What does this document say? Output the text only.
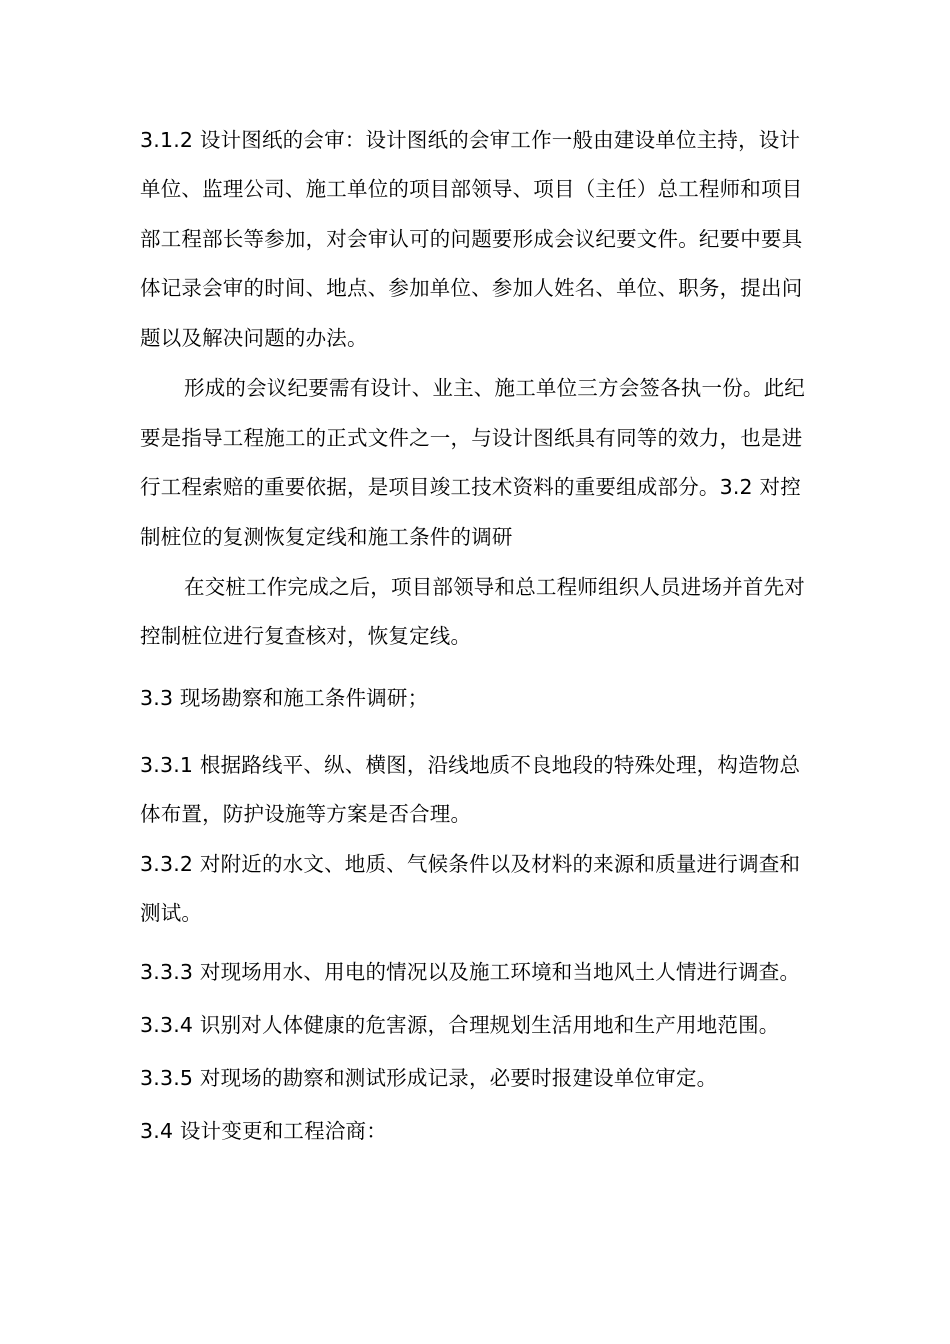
3.1.2 设计图纸的会审：设计图纸的会审工作一般由建设单位主持，设计
单位、监理公司、施工单位的项目部领导、项目（主任）总工程师和项目
部工程部长等参加，对会审认可的问题要形成会议纪要文件。纪要中要具
体记录会审的时间、地点、参加单位、参加人姓名、单位、职务，提出问
题以及解决问题的办法。
形成的会议纪要需有设计、业主、施工单位三方会签各执一份。此纪
要是指导工程施工的正式文件之一，与设计图纸具有同等的效力，也是进
行工程索赔的重要依据，是项目竣工技术资料的重要组成部分。3.2 对控
制桩位的复测恢复定线和施工条件的调研
在交桩工作完成之后，项目部领导和总工程师组织人员进场并首先对
控制桩位进行复查核对，恢复定线。
3.3 现场勘察和施工条件调研；
3.3.1 根据路线平、纵、横图，沿线地质不良地段的特殊处理，构造物总
体布置，防护设施等方案是否合理。
3.3.2 对附近的水文、地质、气候条件以及材料的来源和质量进行调查和
测试。
3.3.3 对现场用水、用电的情况以及施工环境和当地风土人情进行调查。
3.3.4 识别对人体健康的危害源，合理规划生活用地和生产用地范围。
3.3.5 对现场的勘察和测试形成记录，必要时报建设单位审定。
3.4 设计变更和工程洽商：
